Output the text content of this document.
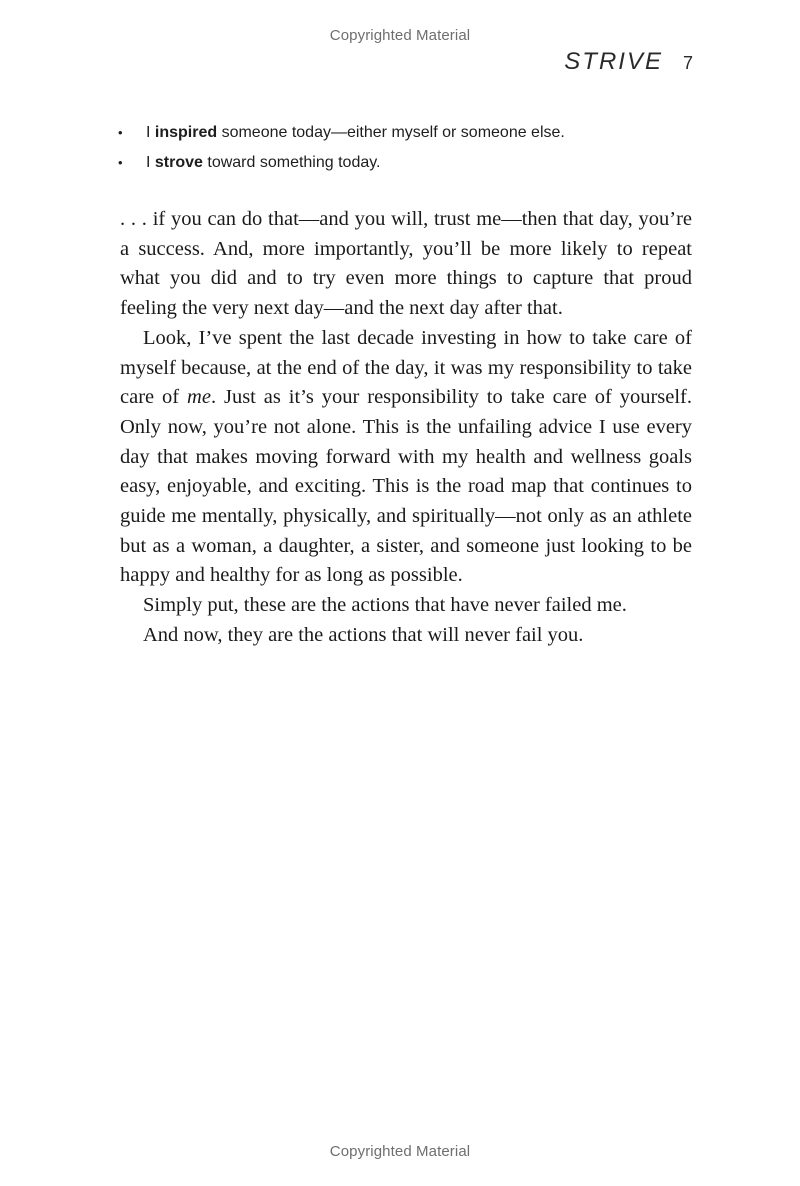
Copyrighted Material
STRIVE 7
• I inspired someone today—either myself or someone else.
• I strove toward something today.

. . . if you can do that—and you will, trust me—then that day, you’re a success. And, more importantly, you’ll be more likely to repeat what you did and to try even more things to capture that proud feeling the very next day—and the next day after that.

Look, I’ve spent the last decade investing in how to take care of myself because, at the end of the day, it was my responsibility to take care of me. Just as it’s your responsibility to take care of yourself. Only now, you’re not alone. This is the unfailing advice I use every day that makes moving forward with my health and wellness goals easy, enjoyable, and exciting. This is the road map that continues to guide me mentally, physically, and spiritually—not only as an athlete but as a woman, a daughter, a sister, and someone just looking to be happy and healthy for as long as possible.

Simply put, these are the actions that have never failed me.

And now, they are the actions that will never fail you.

Copyrighted Material
